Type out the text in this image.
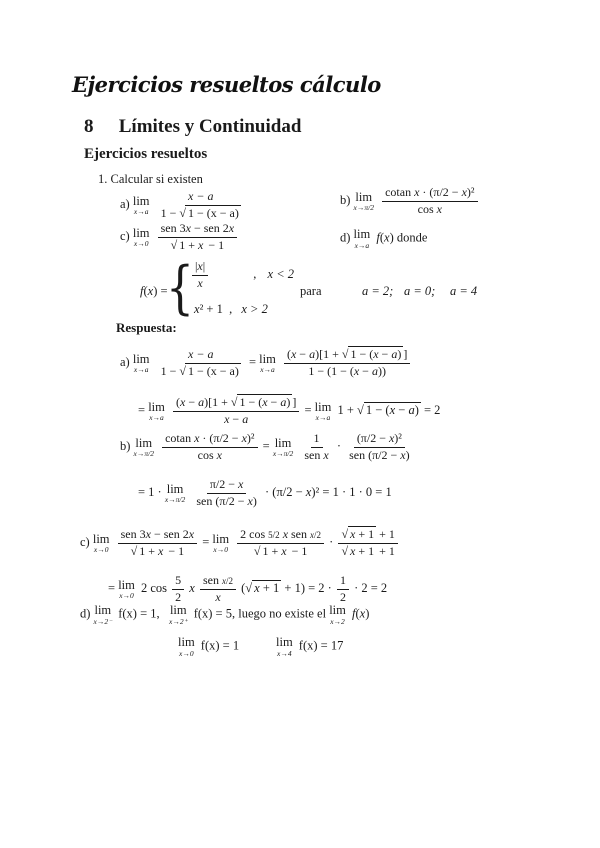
Ejercicios resueltos cálculo
8 Límites y Continuidad
Ejercicios resueltos
1. Calcular si existen
a) lim
x→a
$\frac{x - a}{1 - √ 1 - (x - a)}$	b) lim
x→π/2
$\frac{\text{cotan x · (π/2 − x)²}}{\text{cos x}}$
c) lim
x→0
$\frac{\text{sen 3x − sen 2x}}{√ 1 + x - 1}$	d) lim
x→a
f(x) donde
f(x) =
{
$\frac{|x|}{x}$	, x < 2
x² + 1  , x > 2
para	a = 2; a = 0; a = 4
Respuesta:
a) lim
x→a
$\frac{x - a}{1 - √ 1 - (x - a)} = \lim$
x→a
$\frac{(x - a)[1 + √ 1 - (x - a) ]}{1 - (1 - (x - a))}$
= lim
x→a
$\frac{(x - a)[1 + √ 1 - (x - a) ]}{x - a} = \lim$
x→a
1 + √ 1 − (x − a) = 2
b) lim
x→π/2
$\frac{\text{cotan x · (π/2 − x)²}}{\text{cos x}} = \lim$
x→π/2
$\frac{1}{\text{sen x}} \cdot \frac{\text{(π/2 − x)²}}{\text{sen (π/2 − x)}}$
= 1 · lim
x→π/2
$\frac{\pi/2 - x}{\text{sen (π/2 − x)}} \cdot (\pi/2 - x)^2 = 1 \cdot 1 \cdot 0 = 1$
c) lim
x→0
$\frac{\text{sen 3x − sen 2x}}{√ 1 + x - 1} = \lim$
x→0
$\frac{\text{2 cos 5/2 x sen x/2}}{√ 1 + x - 1} \cdot \frac{√ x + 1 + 1}{√ x + 1 + 1}$
= lim
x→0
2 $\cos \frac{5}{2}$ x $\frac{\text{sen x/2}}{x}$ (√ $x + 1 + 1) = 2 \cdot \frac{1}{2} \cdot 2 = 2$
d) lim
x→2⁻
f(x) = 1, lim
x→2⁺
f(x) = 5, luego no existe el lim
x→2
f(x)
lim
x→0
f(x) = 1	lim
x→4
f(x) = 17
